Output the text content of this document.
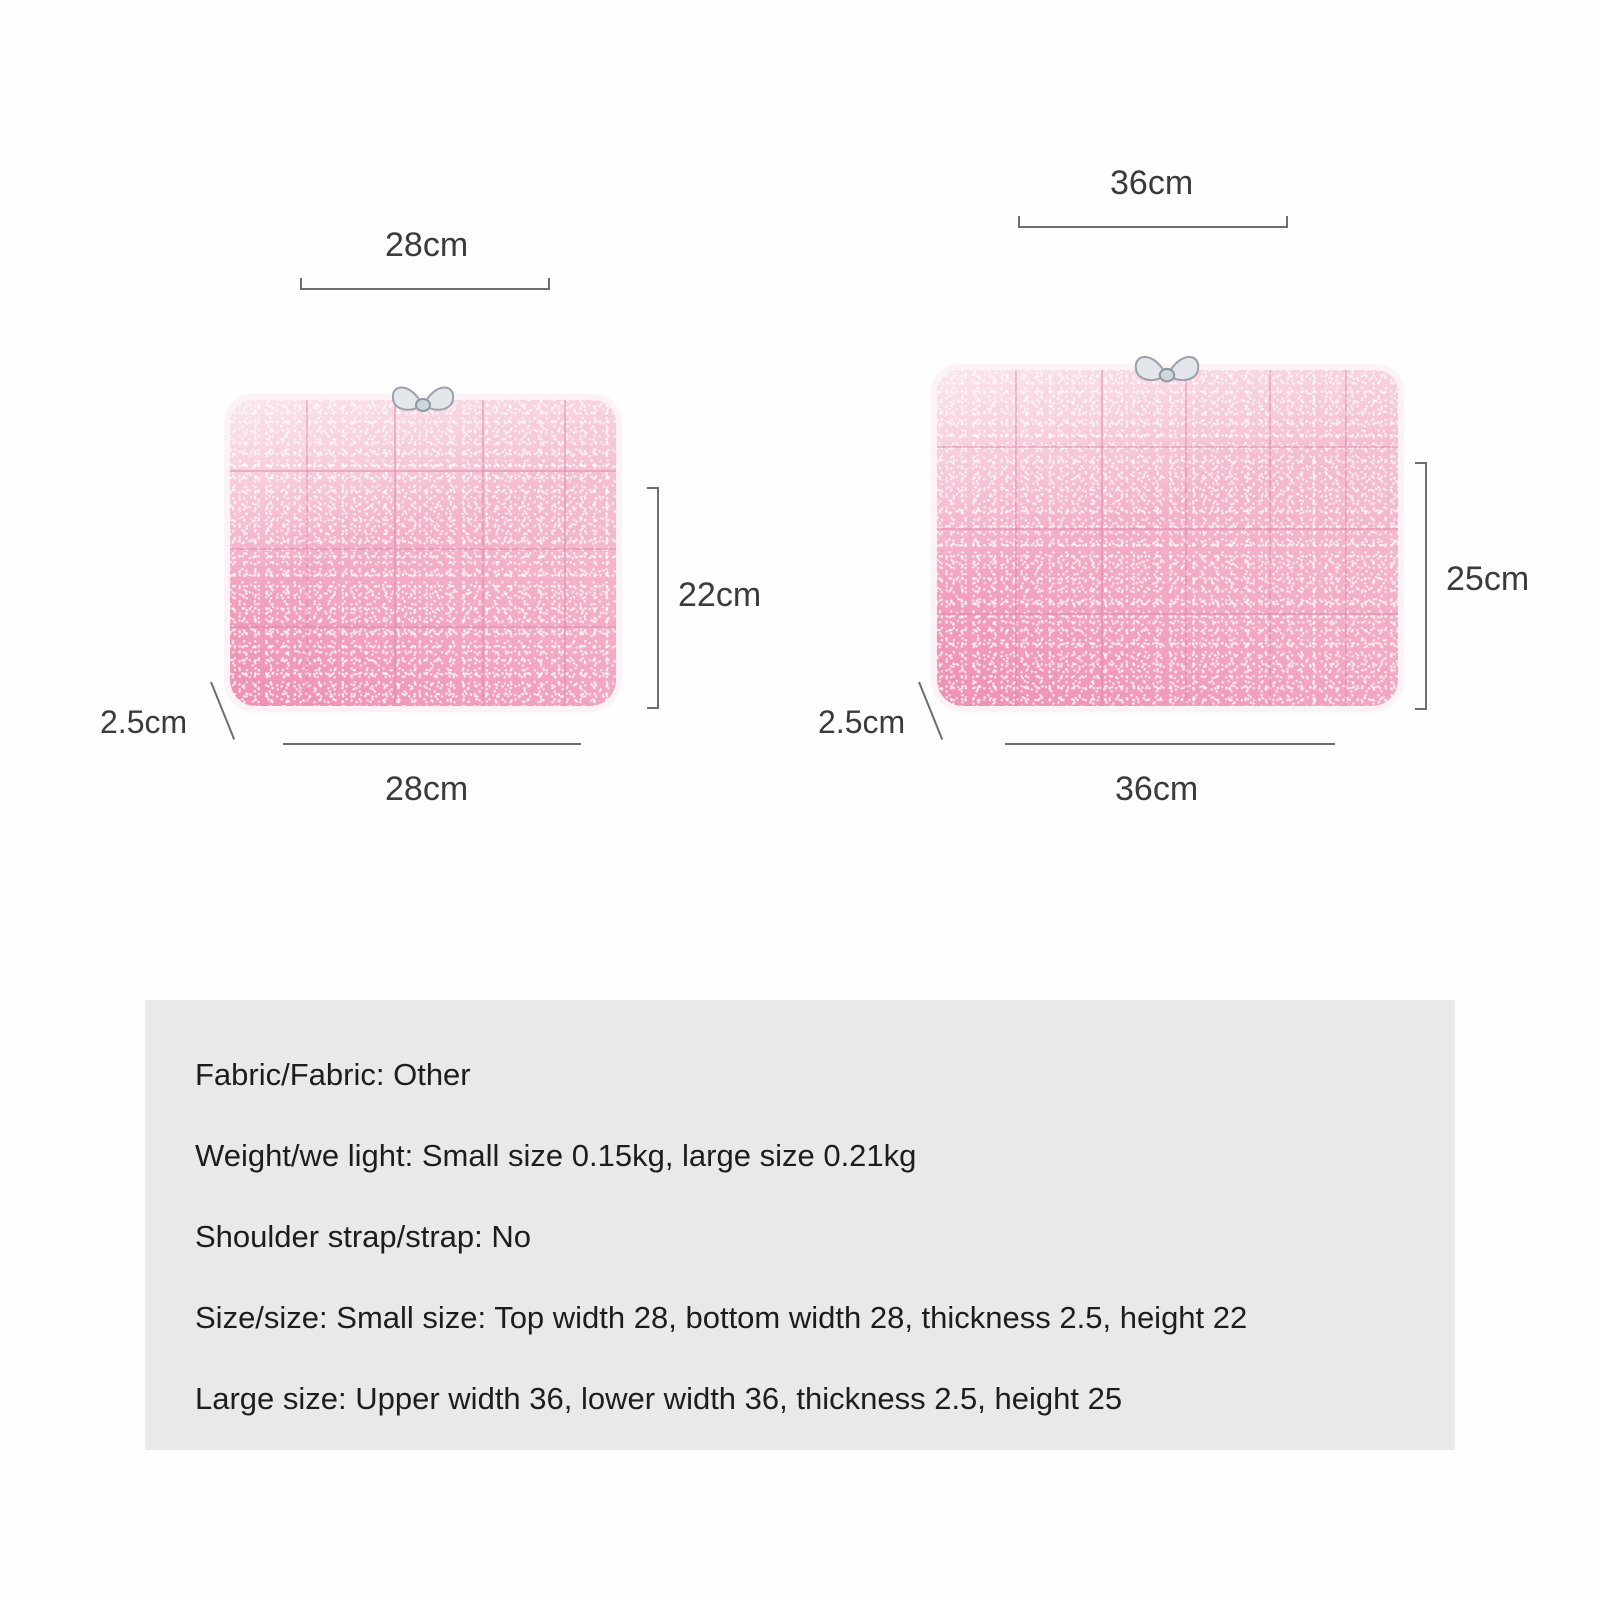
28cm
22cm
2.5cm
28cm
36cm
25cm
2.5cm
36cm
Fabric/Fabric: Other
Weight/we light: Small size 0.15kg, large size 0.21kg
Shoulder strap/strap: No
Size/size: Small size: Top width 28, bottom width 28, thickness 2.5, height 22
Large size: Upper width 36, lower width 36, thickness 2.5, height 25
